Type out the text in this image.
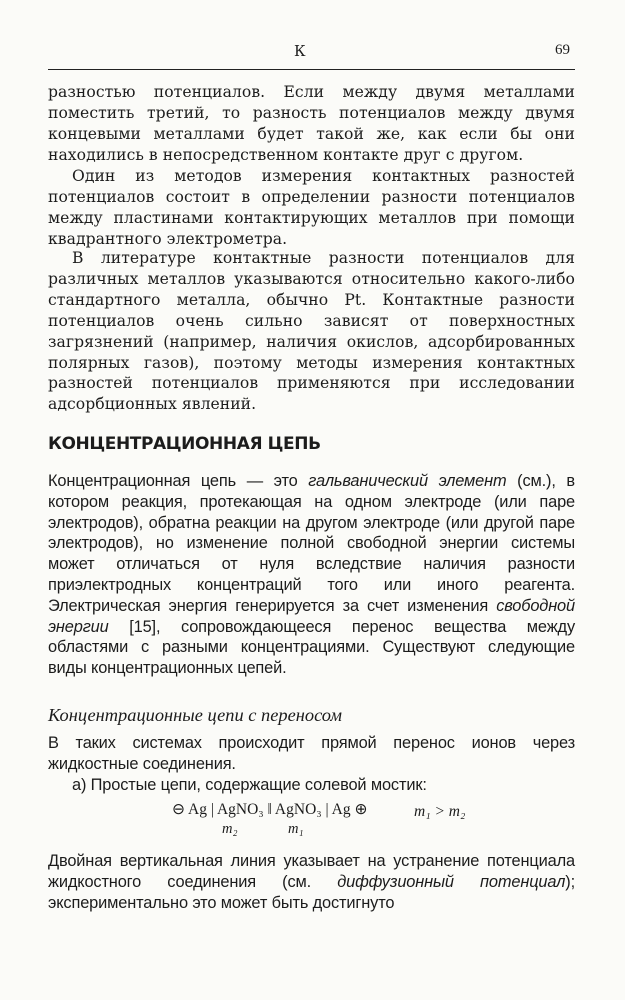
К	69

разностью потенциалов. Если между двумя металлами поместить третий, то разность потенциалов между двумя концевыми металлами будет такой же, как если бы они находились в непосредственном контакте друг с другом.

Один из методов измерения контактных разностей потенциалов состоит в определении разности потенциалов между пластинами контактирующих металлов при помощи квадрантного электрометра.

В литературе контактные разности потенциалов для различных металлов указываются относительно какого-либо стандартного металла, обычно Pt. Контактные разности потенциалов очень сильно зависят от поверхностных загрязнений (например, наличия окислов, адсорбированных полярных газов), поэтому методы измерения контактных разностей потенциалов применяются при исследовании адсорбционных явлений.

КОНЦЕНТРАЦИОННАЯ ЦЕПЬ

Концентрационная цепь — это гальванический элемент (см.), в котором реакция, протекающая на одном электроде (или паре электродов), обратна реакции на другом электроде (или другой паре электродов), но изменение полной свободной энергии системы может отличаться от нуля вследствие наличия разности приэлектродных концентраций того или иного реагента. Электрическая энергия генерируется за счет изменения свободной энергии [15], сопровождающееся перенос вещества между областями с разными концентрациями. Существуют следующие виды концентрационных цепей.

Концентрационные цепи с переносом

В таких системах происходит прямой перенос ионов через жидкостные соединения.

а) Простые цепи, содержащие солевой мостик:

⊖ Ag | AgNO₃ ‖ AgNO₃ | Ag ⊕
m₂	m₁
m₁ > m₂

Двойная вертикальная линия указывает на устранение потенциала жидкостного соединения (см. диффузионный потенциал); экспериментально это может быть достигнуто
